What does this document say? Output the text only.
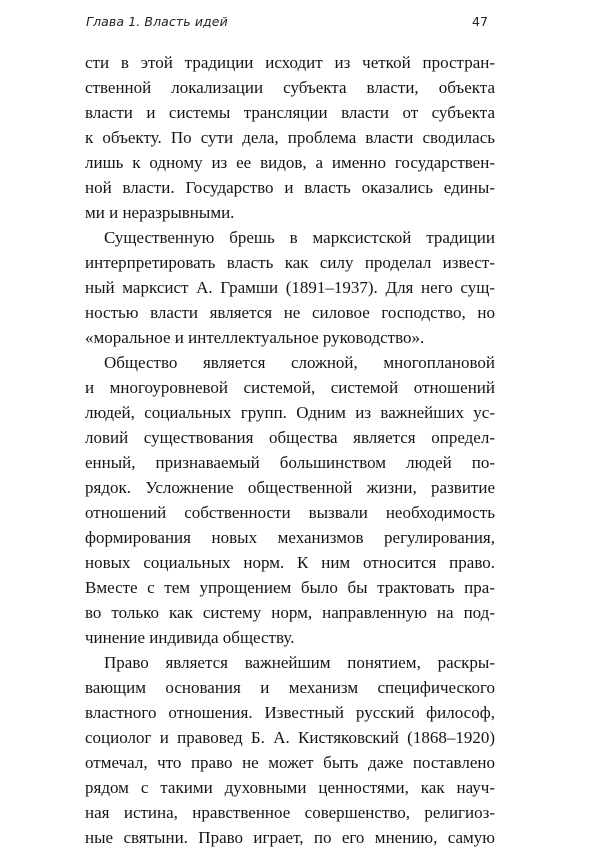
Глава 1. Власть идей	47
сти в этой традиции исходит из четкой простран-
ственной локализации субъекта власти, объекта
власти и системы трансляции власти от субъекта
к объекту. По сути дела, проблема власти сводилась
лишь к одному из ее видов, а именно государствен-
ной власти. Государство и власть оказались едины-
ми и неразрывными.
Существенную брешь в марксистской традиции
интерпретировать власть как силу проделал извест-
ный марксист А. Грамши (1891–1937). Для него сущ-
ностью власти является не силовое господство, но
«моральное и интеллектуальное руководство».
Общество является сложной, многоплановой
и многоуровневой системой, системой отношений
людей, социальных групп. Одним из важнейших ус-
ловий существования общества является определ-
енный, признаваемый большинством людей по-
рядок. Усложнение общественной жизни, развитие
отношений собственности вызвали необходимость
формирования новых механизмов регулирования,
новых социальных норм. К ним относится право.
Вместе с тем упрощением было бы трактовать пра-
во только как систему норм, направленную на под-
чинение индивида обществу.
Право является важнейшим понятием, раскры-
вающим основания и механизм специфического
властного отношения. Известный русский философ,
социолог и правовед Б. А. Кистяковский (1868–1920)
отмечал, что право не может быть даже поставлено
рядом с такими духовными ценностями, как науч-
ная истина, нравственное совершенство, религиоз-
ные святыни. Право играет, по его мнению, самую
